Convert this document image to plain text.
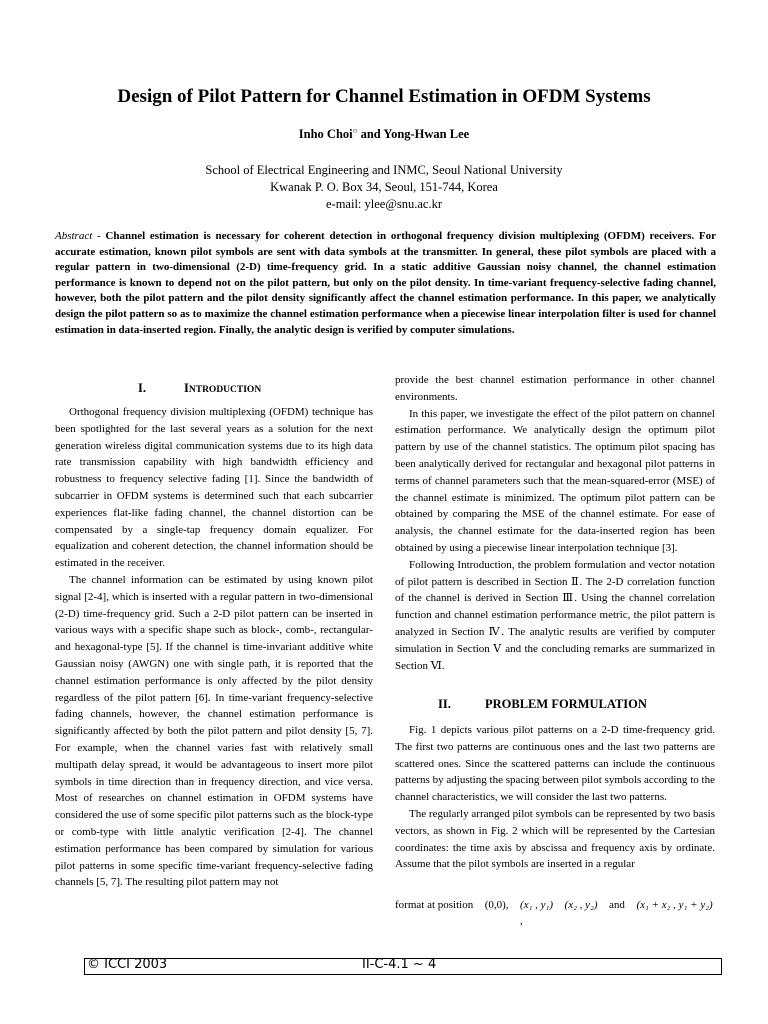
Design of Pilot Pattern for Channel Estimation in OFDM Systems
Inho Choi○ and Yong-Hwan Lee
School of Electrical Engineering and INMC, Seoul National University
Kwanak P. O. Box 34, Seoul, 151-744, Korea
e-mail: ylee@snu.ac.kr
Abstract - Channel estimation is necessary for coherent detection in orthogonal frequency division multiplexing (OFDM) receivers. For accurate estimation, known pilot symbols are sent with data symbols at the transmitter. In general, these pilot symbols are placed with a regular pattern in two-dimensional (2-D) time-frequency grid. In a static additive Gaussian noisy channel, the channel estimation performance is known to depend not on the pilot pattern, but only on the pilot density. In time-variant frequency-selective fading channel, however, both the pilot pattern and the pilot density significantly affect the channel estimation performance. In this paper, we analytically design the pilot pattern so as to maximize the channel estimation performance when a piecewise linear interpolation filter is used for channel estimation in data-inserted region. Finally, the analytic design is verified by computer simulations.
I.	INTRODUCTION

Orthogonal frequency division multiplexing (OFDM) technique has been spotlighted for the last several years as a solution for the next generation wireless digital communication systems due to its high data rate transmission capability with high bandwidth efficiency and robustness to frequency selective fading [1]. Since the bandwidth of subcarrier in OFDM systems is determined such that each subcarrier experiences flat-like fading channel, the channel distortion can be compensated by a single-tap frequency domain equalizer. For equalization and coherent detection, the channel information should be estimated in the receiver.

The channel information can be estimated by using known pilot signal [2-4], which is inserted with a regular pattern in two-dimensional (2-D) time-frequency grid. Such a 2-D pilot pattern can be inserted in various ways with a specific shape such as block-, comb-, rectangular- and hexagonal-type [5]. If the channel is time-invariant additive white Gaussian noisy (AWGN) one with single path, it is reported that the channel estimation performance is only affected by the pilot density regardless of the pilot pattern [6]. In time-variant frequency-selective fading channels, however, the channel estimation performance is significantly affected by both the pilot pattern and pilot density [5, 7]. For example, when the channel varies fast with relatively small multipath delay spread, it would be advantageous to insert more pilot symbols in time direction than in frequency direction, and vice versa. Most of researches on channel estimation in OFDM systems have considered the use of some specific pilot patterns such as the block-type or comb-type with little analytic verification [2-4]. The channel estimation performance has been compared by simulation for various pilot patterns in some specific time-variant frequency-selective fading channels [5, 7]. The resulting pilot pattern may not

provide the best channel estimation performance in other channel environments.

In this paper, we investigate the effect of the pilot pattern on channel estimation performance. We analytically design the optimum pilot pattern by use of the channel statistics. The optimum pilot spacing has been analytically derived for rectangular and hexagonal pilot patterns in terms of channel parameters such that the mean-squared-error (MSE) of the channel estimate is minimized. The optimum pilot pattern can be obtained by comparing the MSE of the channel estimate. For ease of analysis, the channel estimate for the data-inserted region has been obtained by using a piecewise linear interpolation technique [3].

Following Introduction, the problem formulation and vector notation of pilot pattern is described in Section Ⅱ. The 2-D correlation function of the channel is derived in Section Ⅲ. Using the channel correlation function and channel estimation performance metric, the pilot pattern is analyzed in Section Ⅳ. The analytic results are verified by computer simulation in Section Ⅴ and the concluding remarks are summarized in Section Ⅵ.

II.	PROBLEM FORMULATION

Fig. 1 depicts various pilot patterns on a 2-D time-frequency grid. The first two patterns are continuous ones and the last two patterns are scattered ones. Since the scattered patterns can include the continuous patterns by adjusting the spacing between pilot symbols according to the channel characteristics, we will consider the last two patterns.

The regularly arranged pilot symbols can be represented by two basis vectors, as shown in Fig. 2 which will be represented by the Cartesian coordinates: the time axis by abscissa and frequency axis by ordinate. Assume that the pilot symbols are inserted in a regular

format at position (0,0), (x₁ , y₁) (x₂ , y₂) and (x₁ + x₂ , y₁ + y₂)
,
© ICCI 2003	II-C-4.1 ~ 4
